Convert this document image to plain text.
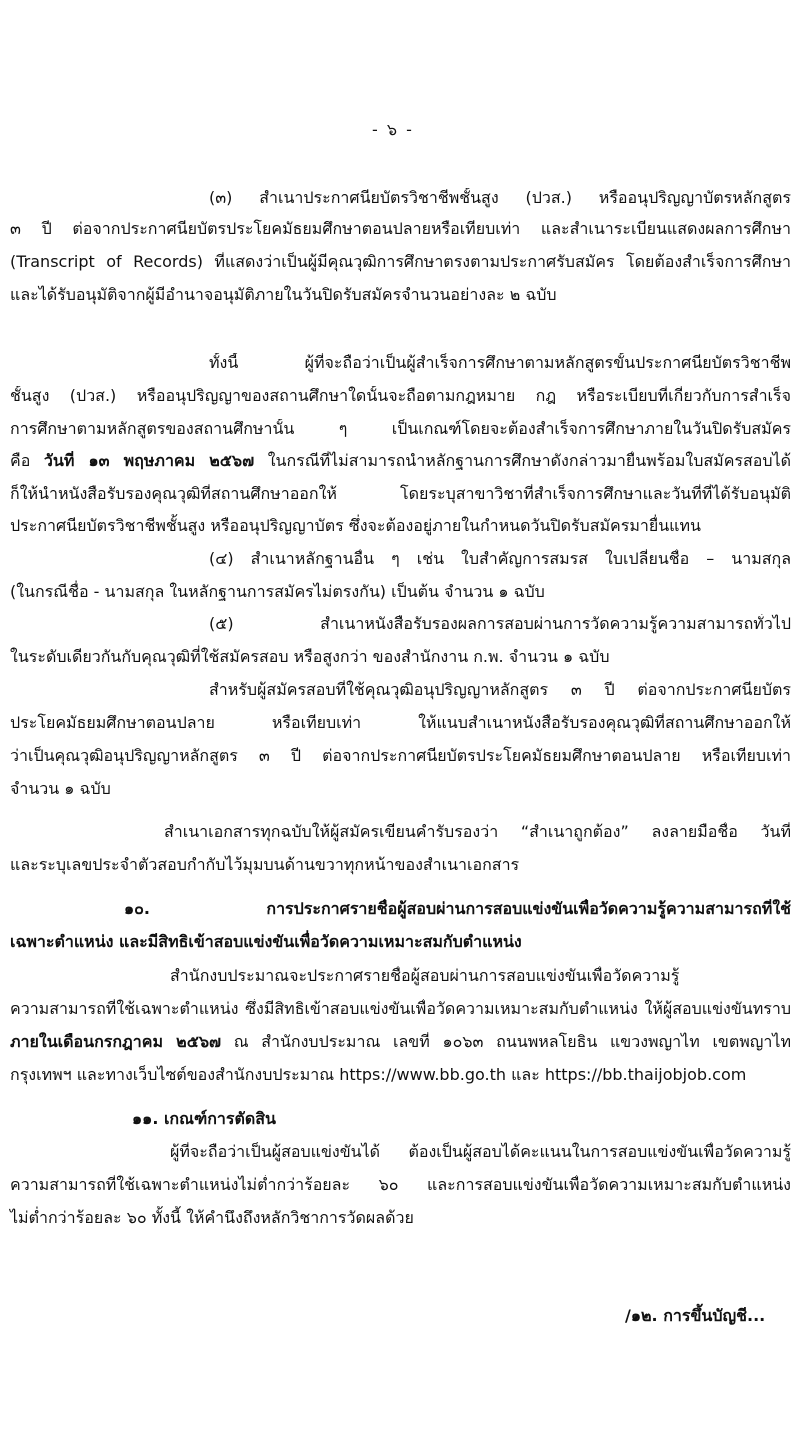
- ๖ -
(๓) สำเนาประกาศนียบัตรวิชาชีพชั้นสูง (ปวส.) หรืออนุปริญญาบัตรหลักสูตร
๓ ปี ต่อจากประกาศนียบัตรประโยคมัธยมศึกษาตอนปลายหรือเทียบเท่า และสำเนาระเบียนแสดงผลการศึกษา
(Transcript of Records) ที่แสดงว่าเป็นผู้มีคุณวุฒิการศึกษาตรงตามประกาศรับสมัคร โดยต้องสำเร็จการศึกษา
และได้รับอนุมัติจากผู้มีอำนาจอนุมัติภายในวันปิดรับสมัครจำนวนอย่างละ ๒ ฉบับ
ทั้งนี้ ผู้ที่จะถือว่าเป็นผู้สำเร็จการศึกษาตามหลักสูตรขั้นประกาศนียบัตรวิชาชีพ
ชั้นสูง (ปวส.) หรืออนุปริญญาของสถานศึกษาใดนั้นจะถือตามกฎหมาย กฎ หรือระเบียบที่เกี่ยวกับการสำเร็จ
การศึกษาตามหลักสูตรของสถานศึกษานั้น ๆ เป็นเกณฑ์โดยจะต้องสำเร็จการศึกษาภายในวันปิดรับสมัคร
คือ วันที่ ๑๓ พฤษภาคม ๒๕๖๗ ในกรณีที่ไม่สามารถนำหลักฐานการศึกษาดังกล่าวมายื่นพร้อมใบสมัครสอบได้
ก็ให้นำหนังสือรับรองคุณวุฒิที่สถานศึกษาออกให้ โดยระบุสาขาวิชาที่สำเร็จการศึกษาและวันที่ที่ได้รับอนุมัติ
ประกาศนียบัตรวิชาชีพชั้นสูง หรืออนุปริญญาบัตร ซึ่งจะต้องอยู่ภายในกำหนดวันปิดรับสมัครมายื่นแทน
(๔) สำเนาหลักฐานอื่น ๆ เช่น ใบสำคัญการสมรส ใบเปลี่ยนชื่อ – นามสกุล
(ในกรณีชื่อ - นามสกุล ในหลักฐานการสมัครไม่ตรงกัน) เป็นต้น จำนวน ๑ ฉบับ
(๕) สำเนาหนังสือรับรองผลการสอบผ่านการวัดความรู้ความสามารถทั่วไป
ในระดับเดียวกันกับคุณวุฒิที่ใช้สมัครสอบ หรือสูงกว่า ของสำนักงาน ก.พ. จำนวน ๑ ฉบับ
สำหรับผู้สมัครสอบที่ใช้คุณวุฒิอนุปริญญาหลักสูตร ๓ ปี ต่อจากประกาศนียบัตร
ประโยคมัธยมศึกษาตอนปลาย หรือเทียบเท่า ให้แนบสำเนาหนังสือรับรองคุณวุฒิที่สถานศึกษาออกให้
ว่าเป็นคุณวุฒิอนุปริญญาหลักสูตร ๓ ปี ต่อจากประกาศนียบัตรประโยคมัธยมศึกษาตอนปลาย หรือเทียบเท่า
จำนวน ๑ ฉบับ
สำเนาเอกสารทุกฉบับให้ผู้สมัครเขียนคำรับรองว่า “สำเนาถูกต้อง” ลงลายมือชื่อ วันที่
และระบุเลขประจำตัวสอบกำกับไว้มุมบนด้านขวาทุกหน้าของสำเนาเอกสาร
๑๐. การประกาศรายชื่อผู้สอบผ่านการสอบแข่งขันเพื่อวัดความรู้ความสามารถที่ใช้
เฉพาะตำแหน่ง และมีสิทธิเข้าสอบแข่งขันเพื่อวัดความเหมาะสมกับตำแหน่ง
สำนักงบประมาณจะประกาศรายชื่อผู้สอบผ่านการสอบแข่งขันเพื่อวัดความรู้
ความสามารถที่ใช้เฉพาะตำแหน่ง ซึ่งมีสิทธิเข้าสอบแข่งขันเพื่อวัดความเหมาะสมกับตำแหน่ง ให้ผู้สอบแข่งขันทราบ
ภายในเดือนกรกฎาคม ๒๕๖๗ ณ สำนักงบประมาณ เลขที่ ๑๐๖๓ ถนนพหลโยธิน แขวงพญาไท เขตพญาไท
กรุงเทพฯ และทางเว็บไซต์ของสำนักงบประมาณ https://www.bb.go.th และ https://bb.thaijobjob.com
๑๑. เกณฑ์การตัดสิน
ผู้ที่จะถือว่าเป็นผู้สอบแข่งขันได้ ต้องเป็นผู้สอบได้คะแนนในการสอบแข่งขันเพื่อวัดความรู้
ความสามารถที่ใช้เฉพาะตำแหน่งไม่ต่ำกว่าร้อยละ ๖๐ และการสอบแข่งขันเพื่อวัดความเหมาะสมกับตำแหน่ง
ไม่ต่ำกว่าร้อยละ ๖๐ ทั้งนี้ ให้คำนึงถึงหลักวิชาการวัดผลด้วย
/๑๒. การขึ้นบัญชี...
